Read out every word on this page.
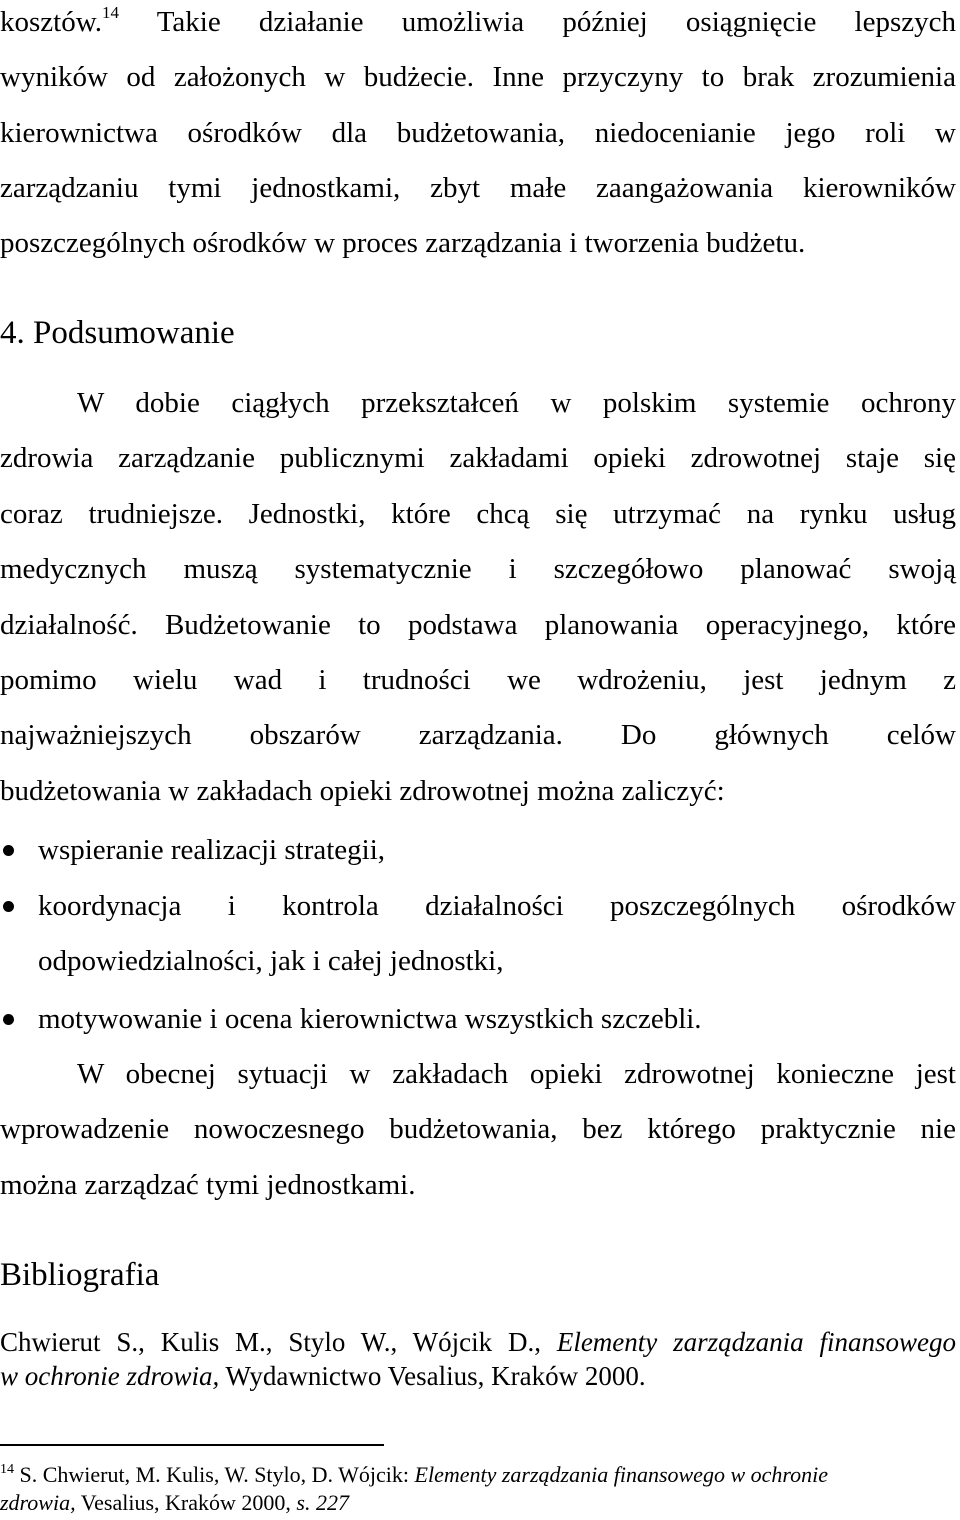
kosztów.$^{14}$ Takie działanie umożliwia później osiągnięcie lepszych
wyników od założonych w budżecie. Inne przyczyny to brak zrozumienia
kierownictwa ośrodków dla budżetowania, niedocenianie jego roli w
zarządzaniu tymi jednostkami, zbyt małe zaangażowania kierowników
poszczególnych ośrodków w proces zarządzania i tworzenia budżetu.
4. Podsumowanie
W dobie ciągłych przekształceń w polskim systemie ochrony
zdrowia zarządzanie publicznymi zakładami opieki zdrowotnej staje się
coraz trudniejsze. Jednostki, które chcą się utrzymać na rynku usług
medycznych muszą systematycznie i szczegółowo planować swoją
działalność. Budżetowanie to podstawa planowania operacyjnego, które
pomimo wielu wad i trudności we wdrożeniu, jest jednym z
najważniejszych obszarów zarządzania. Do głównych celów
budżetowania w zakładach opieki zdrowotnej można zaliczyć:
wspieranie realizacji strategii,
koordynacja i kontrola działalności poszczególnych ośrodków
odpowiedzialności, jak i całej jednostki,
motywowanie i ocena kierownictwa wszystkich szczebli.
W obecnej sytuacji w zakładach opieki zdrowotnej konieczne jest
wprowadzenie nowoczesnego budżetowania, bez którego praktycznie nie
można zarządzać tymi jednostkami.
Bibliografia
Chwierut S., Kulis M., Stylo W., Wójcik D., Elementy zarządzania finansowego
w ochronie zdrowia, Wydawnictwo Vesalius, Kraków 2000.
$^{14}$ S. Chwierut, M. Kulis, W. Stylo, D. Wójcik: Elementy zarządzania finansowego w ochronie
zdrowia, Vesalius, Kraków 2000, s. 227
